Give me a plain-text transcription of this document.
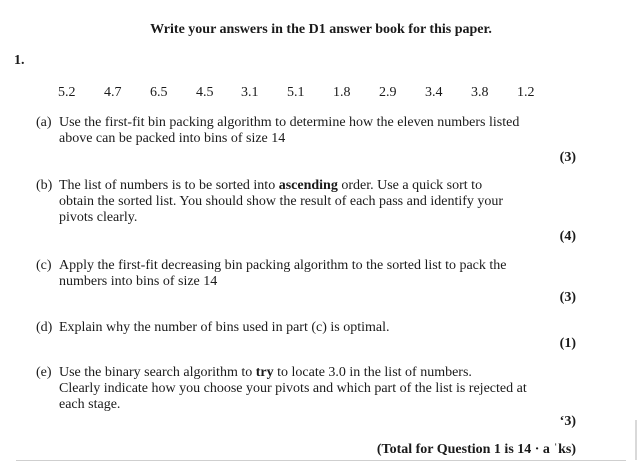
Write your answers in the D1 answer book for this paper.
1.
5.2 4.7 6.5 4.5 3.1 5.1 1.8 2.9 3.4 3.8 1.2
(a) Use the first-fit bin packing algorithm to determine how the eleven numbers listed
above can be packed into bins of size 14
(3)
(b) The list of numbers is to be sorted into ascending order. Use a quick sort to
obtain the sorted list. You should show the result of each pass and identify your
pivots clearly.
(4)
(c) Apply the first-fit decreasing bin packing algorithm to the sorted list to pack the
numbers into bins of size 14
(3)
(d) Explain why the number of bins used in part (c) is optimal.
(1)
(e) Use the binary search algorithm to try to locate 3.0 in the list of numbers.
Clearly indicate how you choose your pivots and which part of the list is rejected at
each stage.
‘3)
(Total for Question 1 is 14 · a ˈks)
